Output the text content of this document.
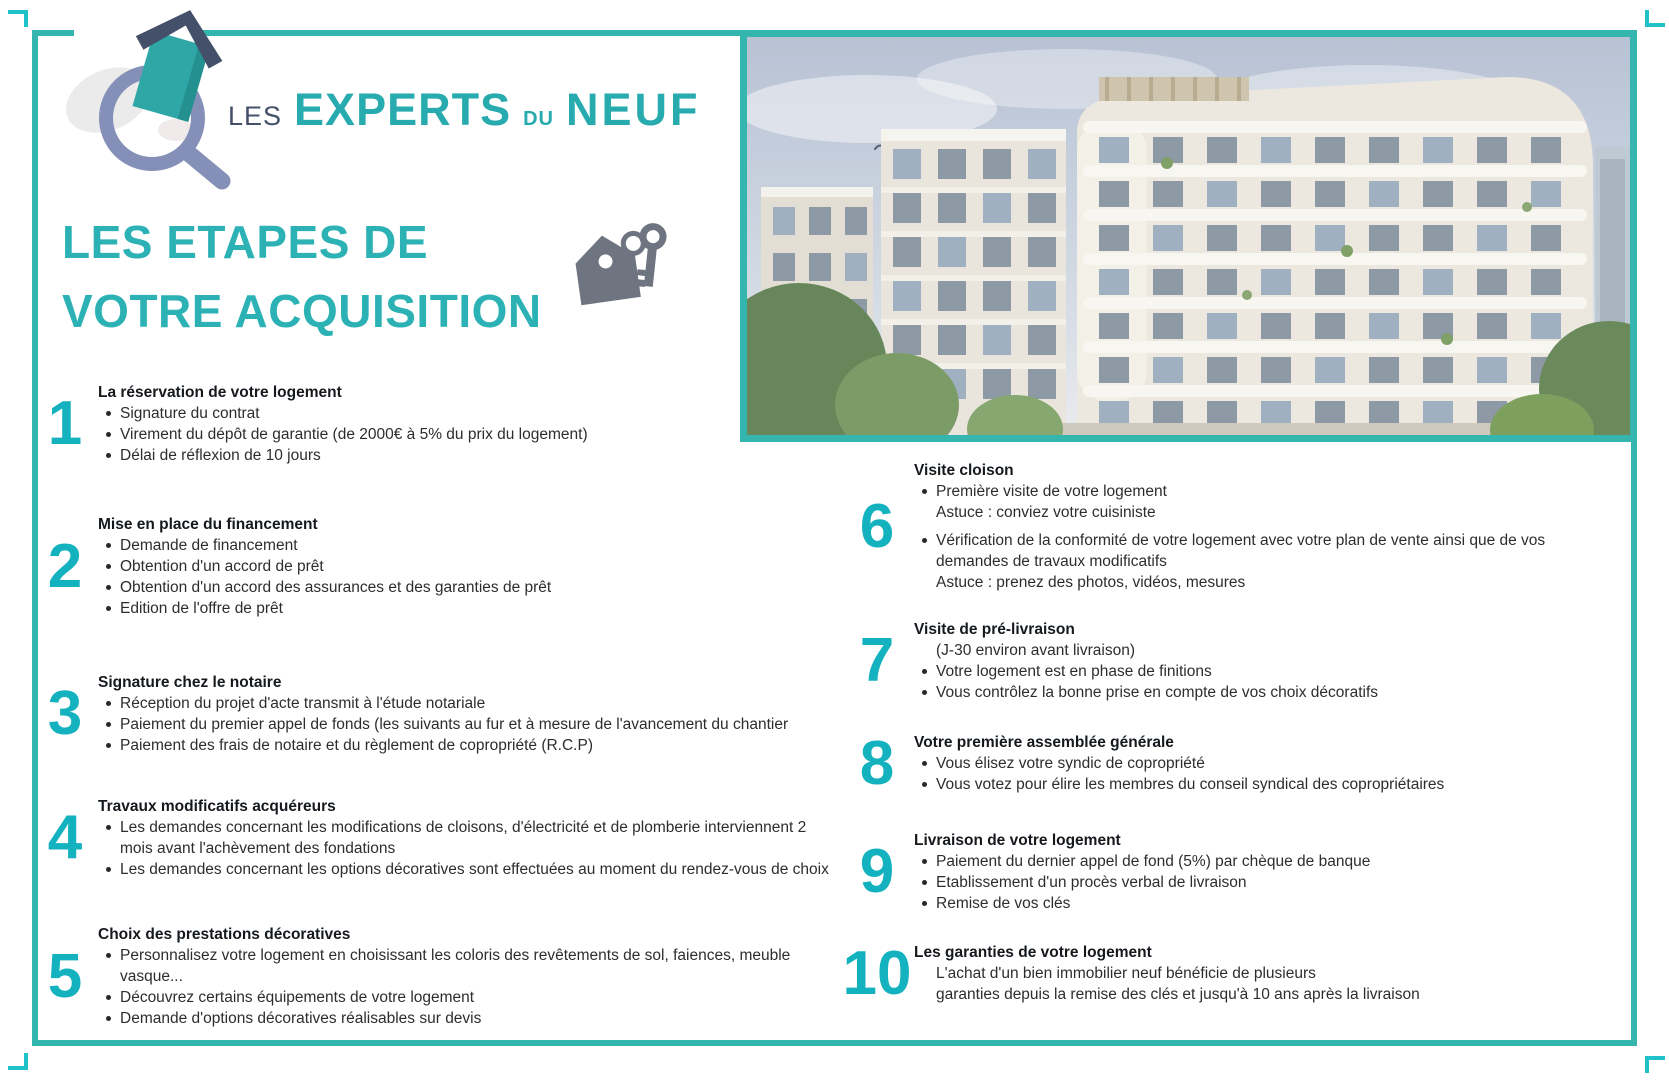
LES EXPERTS DU NEUF
LES ETAPES DE
VOTRE ACQUISITION
1 La réservation de votre logement
Signature du contrat
Virement du dépôt de garantie (de 2000€ à 5% du prix du logement)
Délai de réflexion de 10 jours
2
Mise en place du financement
Demande de financement
Obtention d'un accord de prêt
Obtention d'un accord des assurances et des garanties de prêt
Edition de l'offre de prêt
3 Signature chez le notaire
Réception du projet d'acte transmit à l'étude notariale
Paiement du premier appel de fonds (les suivants au fur et à mesure de l'avancement du chantier
Paiement des frais de notaire et du règlement de copropriété (R.C.P)
4 Travaux modificatifs acquéreurs
Les demandes concernant les modifications de cloisons, d'électricité et de plomberie interviennent 2
mois avant l'achèvement des fondations
Les demandes concernant les options décoratives sont effectuées au moment du rendez-vous de choix
5
Choix des prestations décoratives
Personnalisez votre logement en choisissant les coloris des revêtements de sol, faiences, meuble
vasque...
Découvrez certains équipements de votre logement
Demande d'options décoratives réalisables sur devis
6
Visite cloison
Première visite de votre logement
Astuce : conviez votre cuisiniste
Vérification de la conformité de votre logement avec votre plan de vente ainsi que de vos
demandes de travaux modificatifs
Astuce : prenez des photos, vidéos, mesures
7	Visite de pré-livraison
(J-30 environ avant livraison)
Votre logement est en phase de finitions
Vous contrôlez la bonne prise en compte de vos choix décoratifs
8	Votre première assemblée générale
Vous élisez votre syndic de copropriété
Vous votez pour élire les membres du conseil syndical des copropriétaires
9	Livraison de votre logement
Paiement du dernier appel de fond (5%) par chèque de banque
Etablissement d'un procès verbal de livraison
Remise de vos clés
10 Les garanties de votre logement
L'achat d'un bien immobilier neuf bénéficie de plusieurs
garanties depuis la remise des clés et jusqu'à 10 ans après la livraison
